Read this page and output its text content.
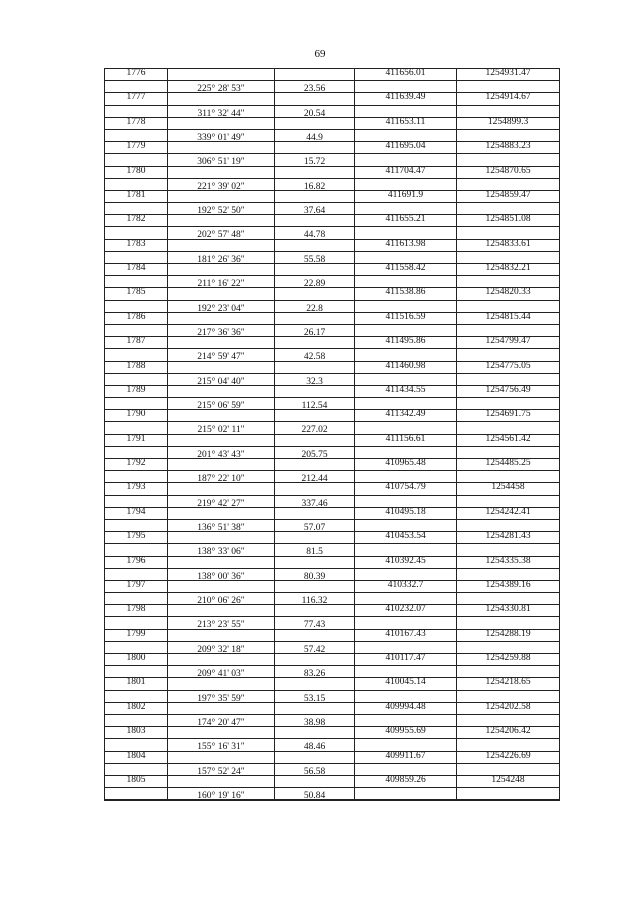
69
1776	411656.01	1254931.47
225° 28' 53"	23.56
1777	411639.49	1254914.67
311° 32' 44"	20.54
1778	411653.11	1254899.3
339° 01' 49"	44.9
1779	411695.04	1254883.23
306° 51' 19"	15.72
1780	411704.47	1254870.65
221° 39' 02"	16.82
1781	411691.9	1254859.47
192° 52' 50"	37.64
1782	411655.21	1254851.08
202° 57' 48"	44.78
1783	411613.98	1254833.61
181° 26' 36"	55.58
1784	411558.42	1254832.21
211° 16' 22"	22.89
1785	411538.86	1254820.33
192° 23' 04"	22.8
1786	411516.59	1254815.44
217° 36' 36"	26.17
1787	411495.86	1254799.47
214° 59' 47"	42.58
1788	411460.98	1254775.05
215° 04' 40"	32.3
1789	411434.55	1254756.49
215° 06' 59"	112.54
1790	411342.49	1254691.75
215° 02' 11"	227.02
1791	411156.61	1254561.42
201° 43' 43"	205.75
1792	410965.48	1254485.25
187° 22' 10"	212.44
1793	410754.79	1254458
219° 42' 27"	337.46
1794	410495.18	1254242.41
136° 51' 38"	57.07
1795	410453.54	1254281.43
138° 33' 06"	81.5
1796	410392.45	1254335.38
138° 00' 36"	80.39
1797	410332.7	1254389.16
210° 06' 26"	116.32
1798	410232.07	1254330.81
213° 23' 55"	77.43
1799	410167.43	1254288.19
209° 32' 18"	57.42
1800	410117.47	1254259.88
209° 41' 03"	83.26
1801	410045.14	1254218.65
197° 35' 59"	53.15
1802	409994.48	1254202.58
174° 20' 47"	38.98
1803	409955.69	1254206.42
155° 16' 31"	48.46
1804	409911.67	1254226.69
157° 52' 24"	56.58
1805	409859.26	1254248
160° 19' 16"	50.84
